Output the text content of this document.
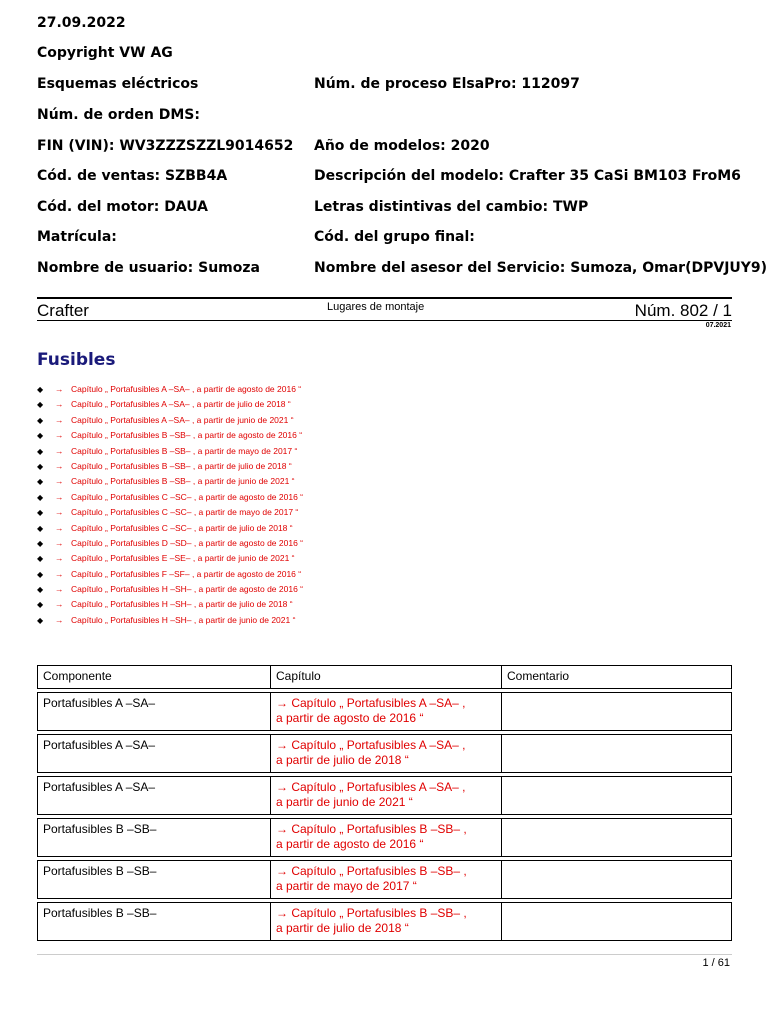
27.09.2022
Copyright VW AG
Esquemas eléctricos	Núm. de proceso ElsaPro: 112097
Núm. de orden DMS:
FIN (VIN): WV3ZZZSZZL9014652 Año de modelos: 2020
Cód. de ventas: SZBB4A	Descripción del modelo: Crafter 35 CaSi BM103 FroM6
Cód. del motor: DAUA	Letras distintivas del cambio: TWP
Matrícula:	Cód. del grupo final:
Nombre de usuario: Sumoza	Nombre del asesor del Servicio: Sumoza, Omar(DPVJUY9)
Crafter	Lugares de montaje	Núm. 802 / 1
07.2021
Fusibles
◆ → Capítulo „ Portafusibles A –SA– , a partir de agosto de 2016 “
◆ → Capítulo „ Portafusibles A –SA– , a partir de julio de 2018 “
◆ → Capítulo „ Portafusibles A –SA– , a partir de junio de 2021 “
◆ → Capítulo „ Portafusibles B –SB– , a partir de agosto de 2016 “
◆ → Capítulo „ Portafusibles B –SB– , a partir de mayo de 2017 “
◆ → Capítulo „ Portafusibles B –SB– , a partir de julio de 2018 “
◆ → Capítulo „ Portafusibles B –SB– , a partir de junio de 2021 “
◆ → Capítulo „ Portafusibles C –SC– , a partir de agosto de 2016 “
◆ → Capítulo „ Portafusibles C –SC– , a partir de mayo de 2017 “
◆ → Capítulo „ Portafusibles C –SC– , a partir de julio de 2018 “
◆ → Capítulo „ Portafusibles D –SD– , a partir de agosto de 2016 “
◆ → Capítulo „ Portafusibles E –SE– , a partir de junio de 2021 “
◆ → Capítulo „ Portafusibles F –SF– , a partir de agosto de 2016 “
◆ → Capítulo „ Portafusibles H –SH– , a partir de agosto de 2016 “
◆ → Capítulo „ Portafusibles H –SH– , a partir de julio de 2018 “
◆ → Capítulo „ Portafusibles H –SH– , a partir de junio de 2021 “
Componente	Capítulo	Comentario
Portafusibles A –SA–	→ Capítulo „ Portafusibles A –SA– ,
a partir de agosto de 2016 “	
Portafusibles A –SA–	→ Capítulo „ Portafusibles A –SA– ,
a partir de julio de 2018 “	
Portafusibles A –SA–	→ Capítulo „ Portafusibles A –SA– ,
a partir de junio de 2021 “	
Portafusibles B –SB–	→ Capítulo „ Portafusibles B –SB– ,
a partir de agosto de 2016 “	
Portafusibles B –SB–	→ Capítulo „ Portafusibles B –SB– ,
a partir de mayo de 2017 “	
Portafusibles B –SB–	→ Capítulo „ Portafusibles B –SB– ,
a partir de julio de 2018 “	
1 / 61
